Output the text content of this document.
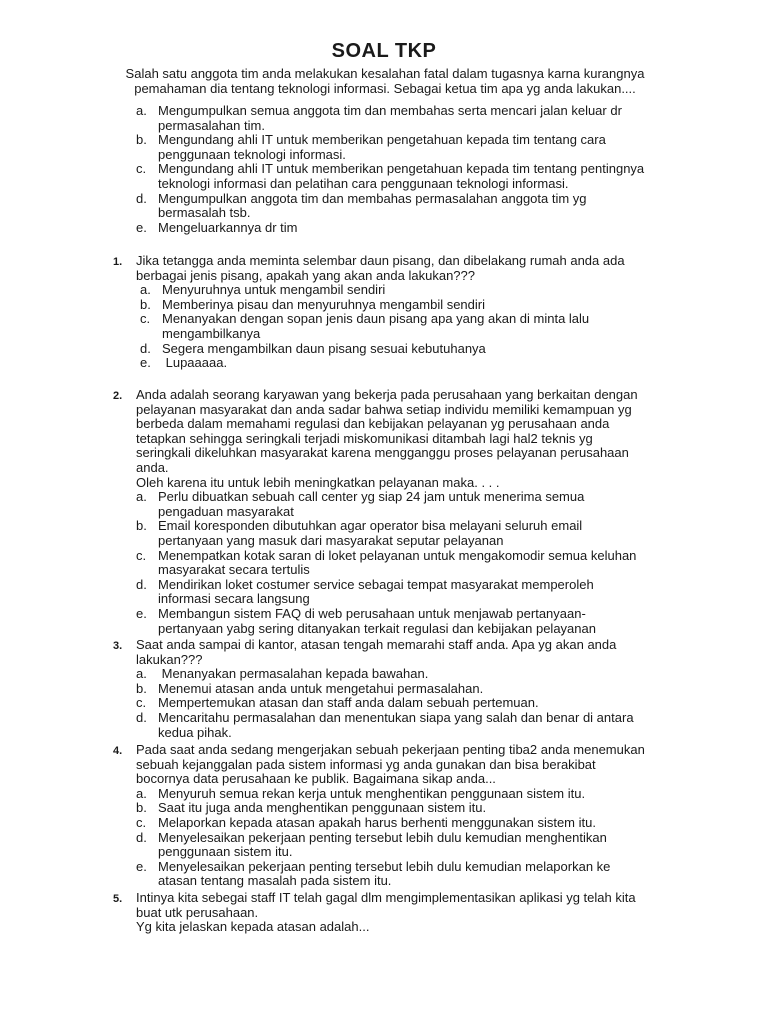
SOAL TKP
Salah satu anggota tim anda melakukan kesalahan fatal dalam tugasnya karna kurangnya
pemahaman dia tentang teknologi informasi. Sebagai ketua tim apa yg anda lakukan....
a. Mengumpulkan semua anggota tim dan membahas serta mencari jalan keluar dr
permasalahan tim.
b. Mengundang ahli IT untuk memberikan pengetahuan kepada tim tentang cara
penggunaan teknologi informasi.
c. Mengundang ahli IT untuk memberikan pengetahuan kepada tim tentang pentingnya
teknologi informasi dan pelatihan cara penggunaan teknologi informasi.
d. Mengumpulkan anggota tim dan membahas permasalahan anggota tim yg
bermasalah tsb.
e. Mengeluarkannya dr tim
1. Jika tetangga anda meminta selembar daun pisang, dan dibelakang rumah anda ada
berbagai jenis pisang, apakah yang akan anda lakukan???
a. Menyuruhnya untuk mengambil sendiri
b. Memberinya pisau dan menyuruhnya mengambil sendiri
c. Menanyakan dengan sopan jenis daun pisang apa yang akan di minta lalu
mengambilkanya
d. Segera mengambilkan daun pisang sesuai kebutuhanya
e. Lupaaaaa.
2. Anda adalah seorang karyawan yang bekerja pada perusahaan yang berkaitan dengan
pelayanan masyarakat dan anda sadar bahwa setiap individu memiliki kemampuan yg
berbeda dalam memahami regulasi dan kebijakan pelayanan yg perusahaan anda
tetapkan sehingga seringkali terjadi miskomunikasi ditambah lagi hal2 teknis yg
seringkali dikeluhkan masyarakat karena mengganggu proses pelayanan perusahaan
anda.
Oleh karena itu untuk lebih meningkatkan pelayanan maka. . . .
a. Perlu dibuatkan sebuah call center yg siap 24 jam untuk menerima semua
pengaduan masyarakat
b. Email koresponden dibutuhkan agar operator bisa melayani seluruh email
pertanyaan yang masuk dari masyarakat seputar pelayanan
c. Menempatkan kotak saran di loket pelayanan untuk mengakomodir semua keluhan
masyarakat secara tertulis
d. Mendirikan loket costumer service sebagai tempat masyarakat memperoleh
informasi secara langsung
e. Membangun sistem FAQ di web perusahaan untuk menjawab pertanyaan-
pertanyaan yabg sering ditanyakan terkait regulasi dan kebijakan pelayanan
3. Saat anda sampai di kantor, atasan tengah memarahi staff anda. Apa yg akan anda
lakukan???
a. Menanyakan permasalahan kepada bawahan.
b. Menemui atasan anda untuk mengetahui permasalahan.
c. Mempertemukan atasan dan staff anda dalam sebuah pertemuan.
d. Mencaritahu permasalahan dan menentukan siapa yang salah dan benar di antara
kedua pihak.
4. Pada saat anda sedang mengerjakan sebuah pekerjaan penting tiba2 anda menemukan
sebuah kejanggalan pada sistem informasi yg anda gunakan dan bisa berakibat
bocornya data perusahaan ke publik. Bagaimana sikap anda...
a. Menyuruh semua rekan kerja untuk menghentikan penggunaan sistem itu.
b. Saat itu juga anda menghentikan penggunaan sistem itu.
c. Melaporkan kepada atasan apakah harus berhenti menggunakan sistem itu.
d. Menyelesaikan pekerjaan penting tersebut lebih dulu kemudian menghentikan
penggunaan sistem itu.
e. Menyelesaikan pekerjaan penting tersebut lebih dulu kemudian melaporkan ke
atasan tentang masalah pada sistem itu.
5. Intinya kita sebegai staff IT telah gagal dlm mengimplementasikan aplikasi yg telah kita
buat utk perusahaan.
Yg kita jelaskan kepada atasan adalah...
